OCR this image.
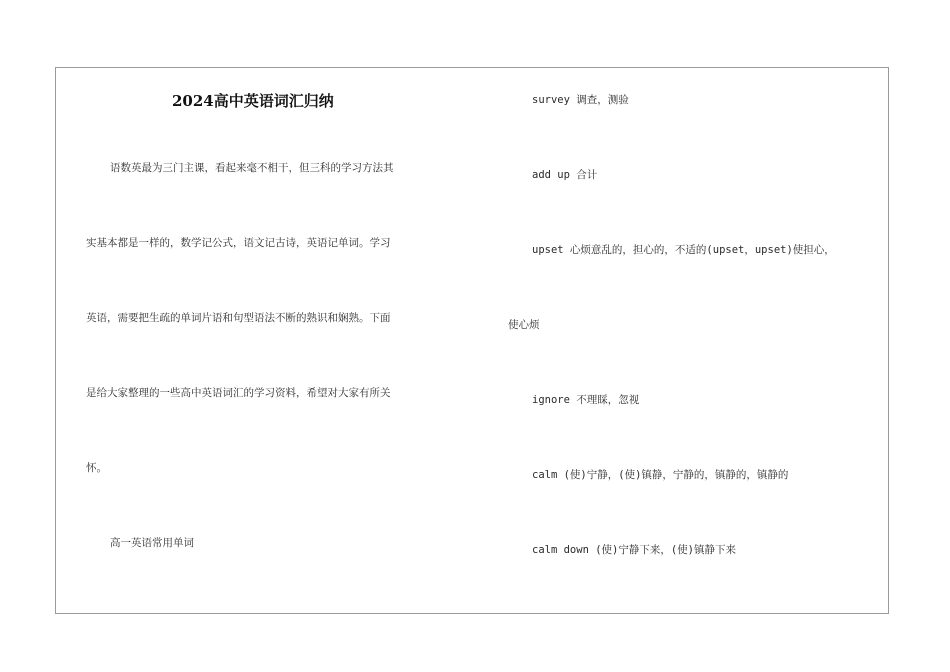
2024高中英语词汇归纳
语数英最为三门主课，看起来毫不相干，但三科的学习方法其
实基本都是一样的，数学记公式，语文记古诗，英语记单词。学习
英语，需要把生疏的单词片语和句型语法不断的熟识和娴熟。下面
是给大家整理的一些高中英语词汇的学习资料，希望对大家有所关
怀。
高一英语常用单词
survey 调查，测验
add up 合计
upset 心烦意乱的，担心的，不适的(upset，upset)使担心，
使心烦
ignore 不理睬，忽视
calm (使)宁静，(使)镇静，宁静的，镇静的，镇静的
calm down (使)宁静下来，(使)镇静下来
